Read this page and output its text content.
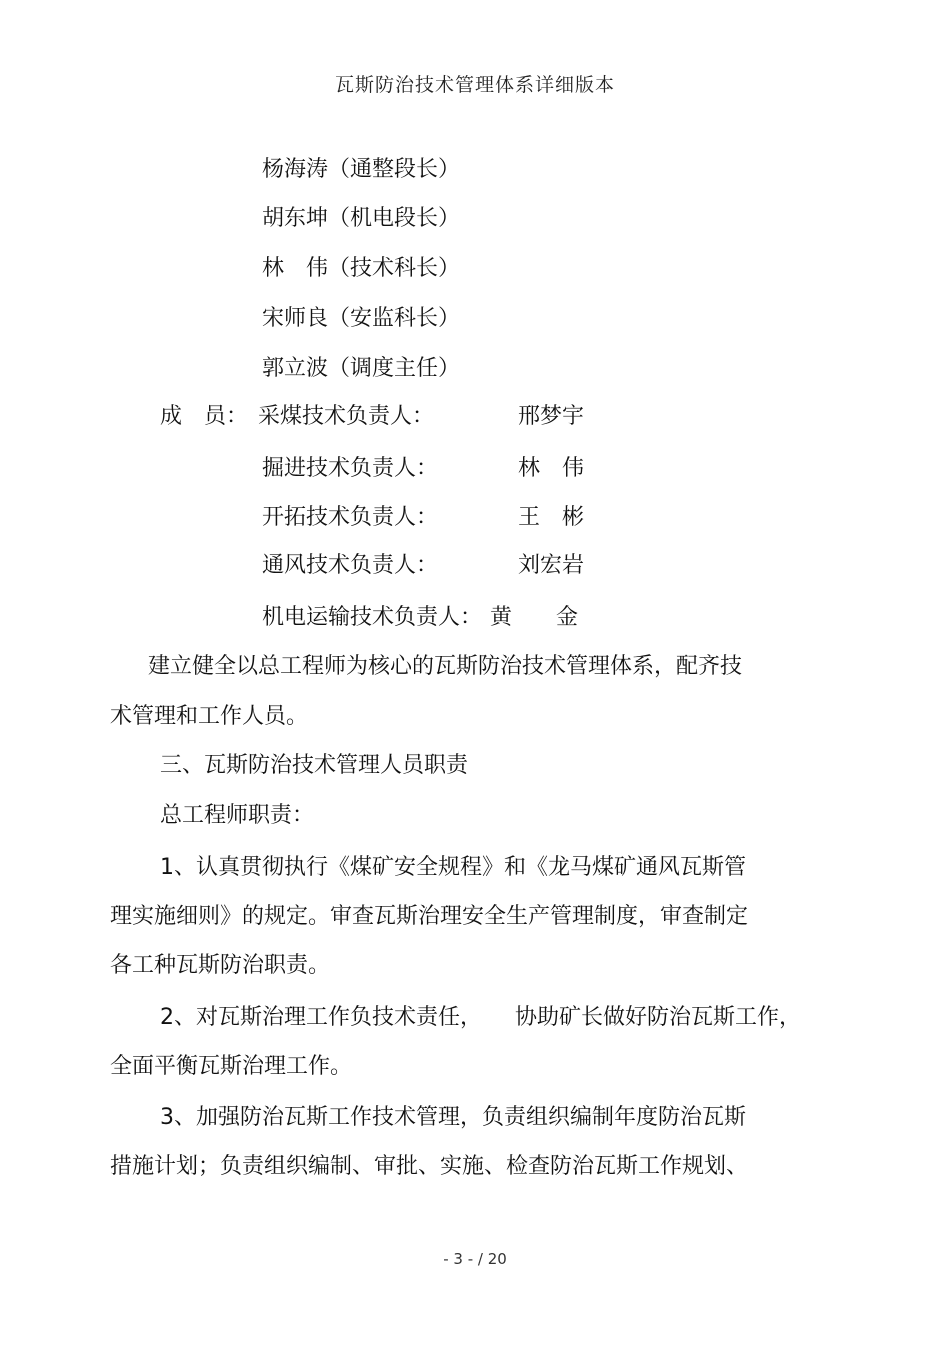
瓦斯防治技术管理体系详细版本
杨海涛（通整段长）
胡东坤（机电段长）
林　伟（技术科长）
宋师良（安监科长）
郭立波（调度主任）
成　员： 采煤技术负责人：	邢梦宇
掘进技术负责人：	林　伟
开拓技术负责人：	王　彬
通风技术负责人：	刘宏岩
机电运输技术负责人： 黄　　金
建立健全以总工程师为核心的瓦斯防治技术管理体系，配齐技
术管理和工作人员。
三、瓦斯防治技术管理人员职责
总工程师职责：
1、认真贯彻执行《煤矿安全规程》和《龙马煤矿通风瓦斯管
理实施细则》的规定。审查瓦斯治理安全生产管理制度，审查制定
各工种瓦斯防治职责。
2、对瓦斯治理工作负技术责任，　　协助矿长做好防治瓦斯工作，
全面平衡瓦斯治理工作。
3、加强防治瓦斯工作技术管理，负责组织编制年度防治瓦斯
措施计划；负责组织编制、审批、实施、检查防治瓦斯工作规划、
- 3 - / 20
